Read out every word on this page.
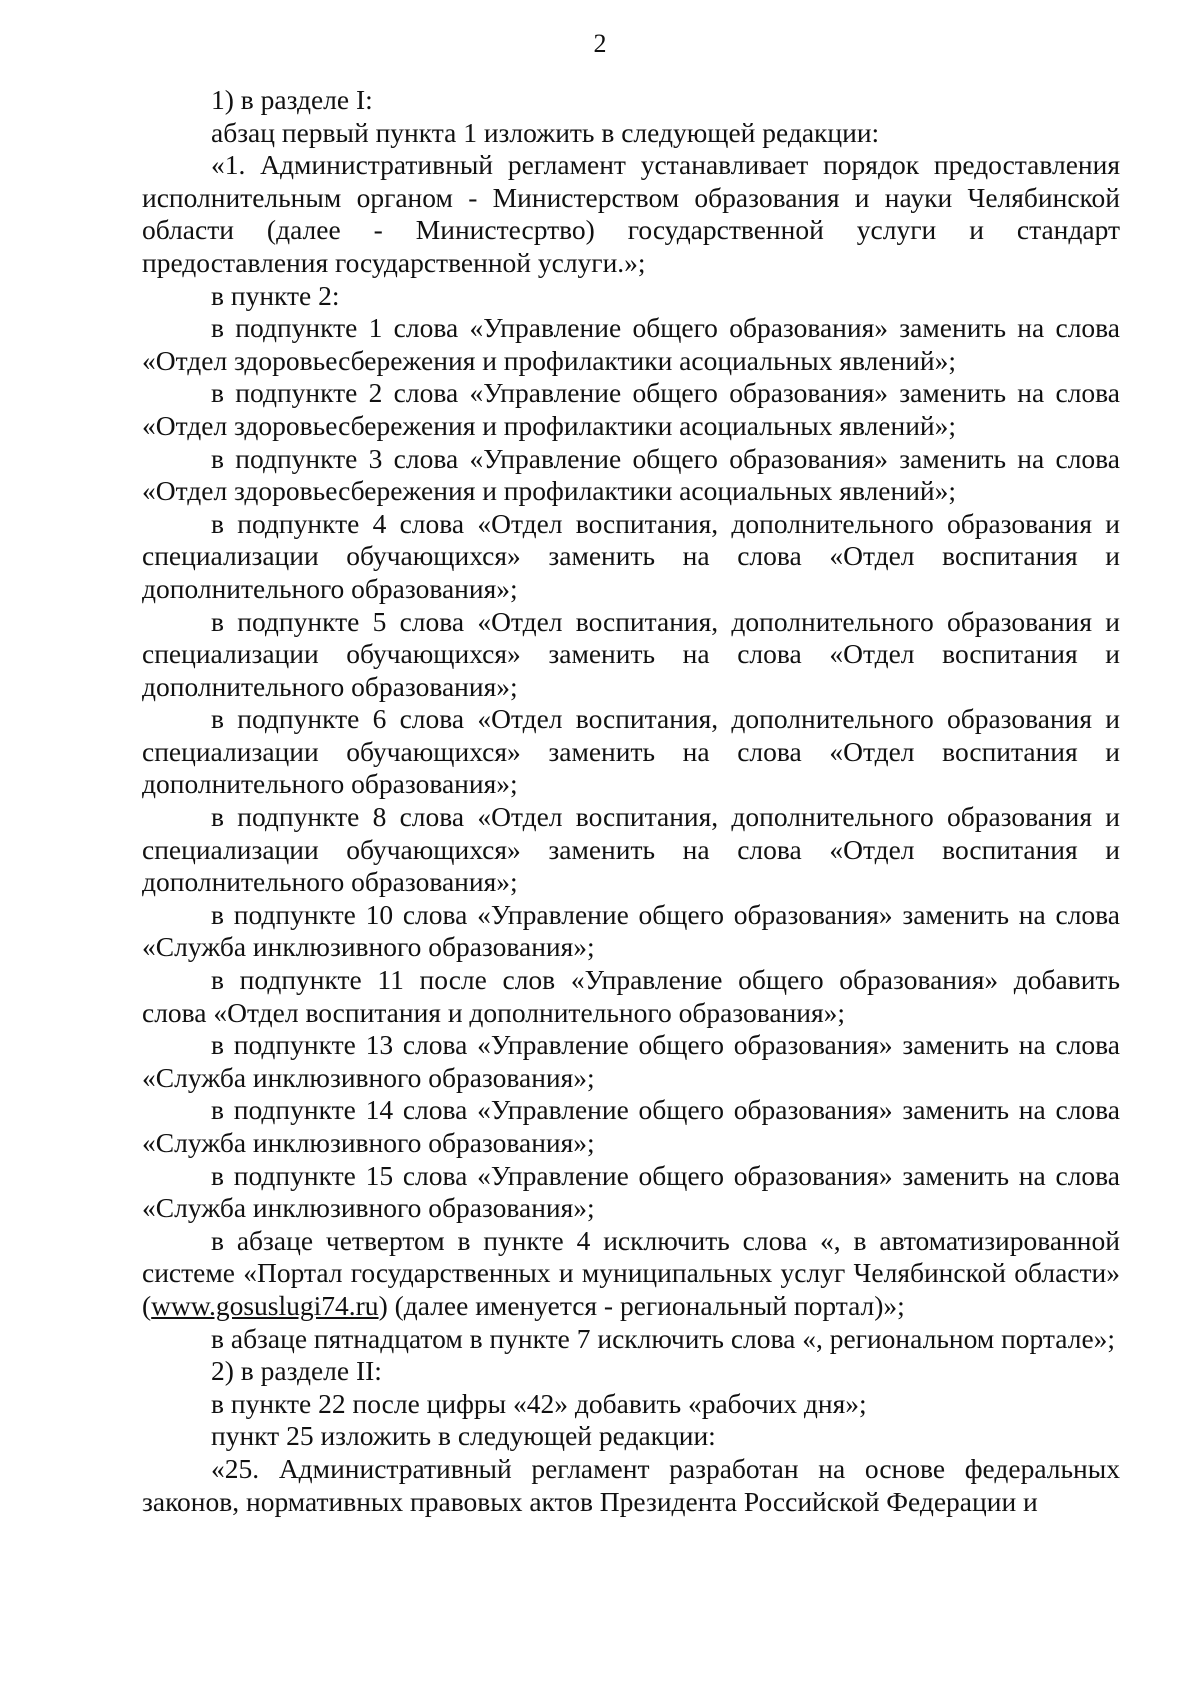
2

1) в разделе I:

абзац первый пункта 1 изложить в следующей редакции:

«1. Административный регламент устанавливает порядок предоставления исполнительным органом - Министерством образования и науки Челябинской области (далее - Министесртво) государственной услуги и стандарт предоставления государственной услуги.»;

в пункте 2:

в подпункте 1 слова «Управление общего образования» заменить на слова «Отдел здоровьесбережения и профилактики асоциальных явлений»;

в подпункте 2 слова «Управление общего образования» заменить на слова «Отдел здоровьесбережения и профилактики асоциальных явлений»;

в подпункте 3 слова «Управление общего образования» заменить на слова «Отдел здоровьесбережения и профилактики асоциальных явлений»;

в подпункте 4 слова «Отдел воспитания, дополнительного образования и специализации обучающихся» заменить на слова «Отдел воспитания и дополнительного образования»;

в подпункте 5 слова «Отдел воспитания, дополнительного образования и специализации обучающихся» заменить на слова «Отдел воспитания и дополнительного образования»;

в подпункте 6 слова «Отдел воспитания, дополнительного образования и специализации обучающихся» заменить на слова «Отдел воспитания и дополнительного образования»;

в подпункте 8 слова «Отдел воспитания, дополнительного образования и специализации обучающихся» заменить на слова «Отдел воспитания и дополнительного образования»;

в подпункте 10 слова «Управление общего образования» заменить на слова «Служба инклюзивного образования»;

в подпункте 11 после слов «Управление общего образования» добавить слова «Отдел воспитания и дополнительного образования»;

в подпункте 13 слова «Управление общего образования» заменить на слова «Служба инклюзивного образования»;

в подпункте 14 слова «Управление общего образования» заменить на слова «Служба инклюзивного образования»;

в подпункте 15 слова «Управление общего образования» заменить на слова «Служба инклюзивного образования»;

в абзаце четвертом в пункте 4 исключить слова «, в автоматизированной системе «Портал государственных и муниципальных услуг Челябинской области» (www.gosuslugi74.ru) (далее именуется - региональный портал)»;

в абзаце пятнадцатом в пункте 7 исключить слова «, региональном портале»;

2) в разделе II:

в пункте 22 после цифры «42» добавить «рабочих дня»;

пункт 25 изложить в следующей редакции:

«25. Административный регламент разработан на основе федеральных законов, нормативных правовых актов Президента Российской Федерации и
